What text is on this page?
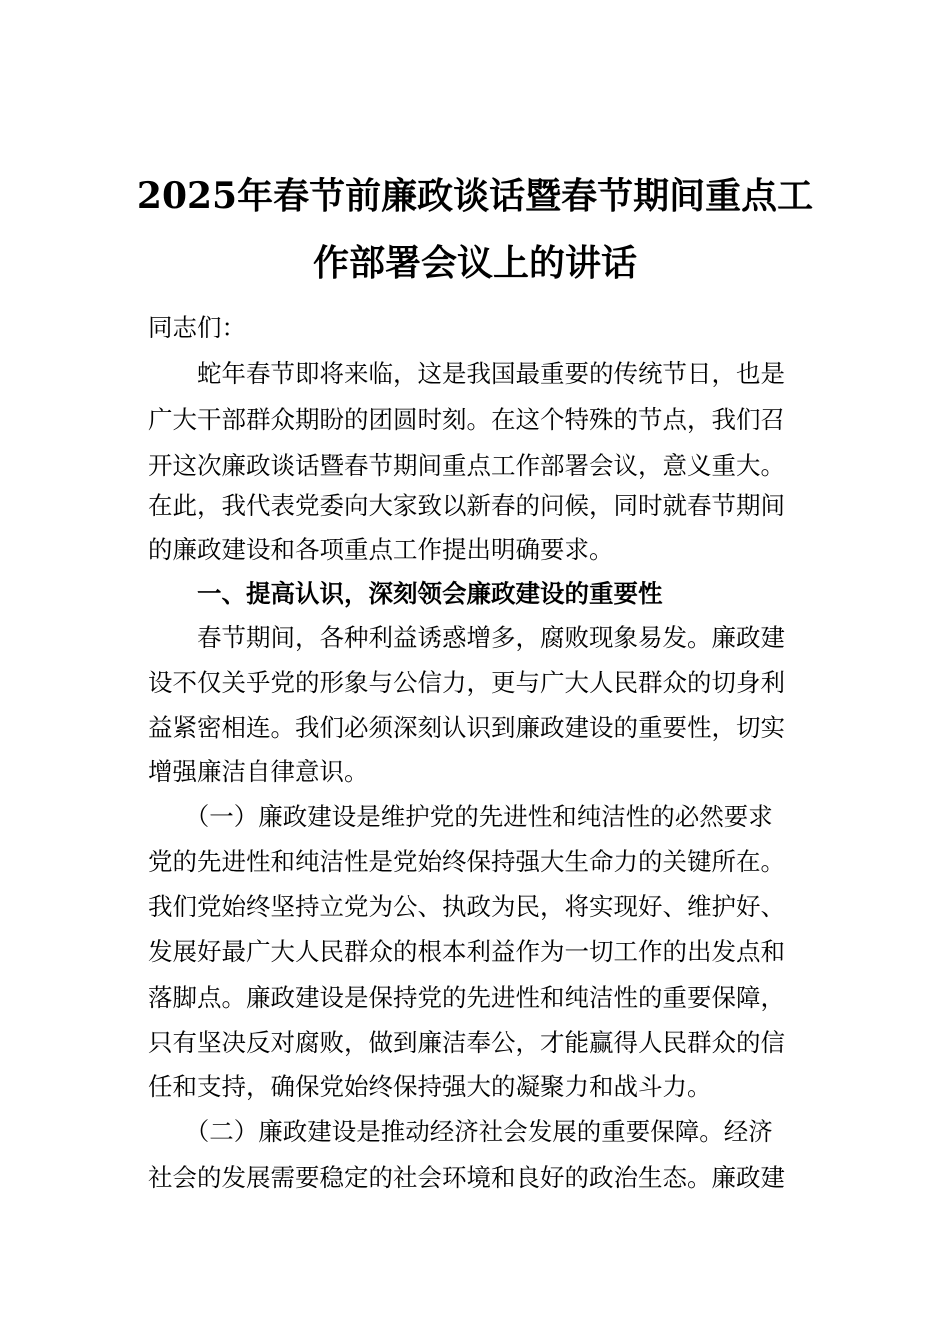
2025年春节前廉政谈话暨春节期间重点工
作部署会议上的讲话
同志们：
　　蛇年春节即将来临，这是我国最重要的传统节日，也是
广大干部群众期盼的团圆时刻。在这个特殊的节点，我们召
开这次廉政谈话暨春节期间重点工作部署会议，意义重大。
在此，我代表党委向大家致以新春的问候，同时就春节期间
的廉政建设和各项重点工作提出明确要求。
　　一、提高认识，深刻领会廉政建设的重要性
　　春节期间，各种利益诱惑增多，腐败现象易发。廉政建
设不仅关乎党的形象与公信力，更与广大人民群众的切身利
益紧密相连。我们必须深刻认识到廉政建设的重要性，切实
增强廉洁自律意识。
　　（一）廉政建设是维护党的先进性和纯洁性的必然要求
党的先进性和纯洁性是党始终保持强大生命力的关键所在。
我们党始终坚持立党为公、执政为民，将实现好、维护好、
发展好最广大人民群众的根本利益作为一切工作的出发点和
落脚点。廉政建设是保持党的先进性和纯洁性的重要保障，
只有坚决反对腐败，做到廉洁奉公，才能赢得人民群众的信
任和支持，确保党始终保持强大的凝聚力和战斗力。
　　（二）廉政建设是推动经济社会发展的重要保障。经济
社会的发展需要稳定的社会环境和良好的政治生态。廉政建
